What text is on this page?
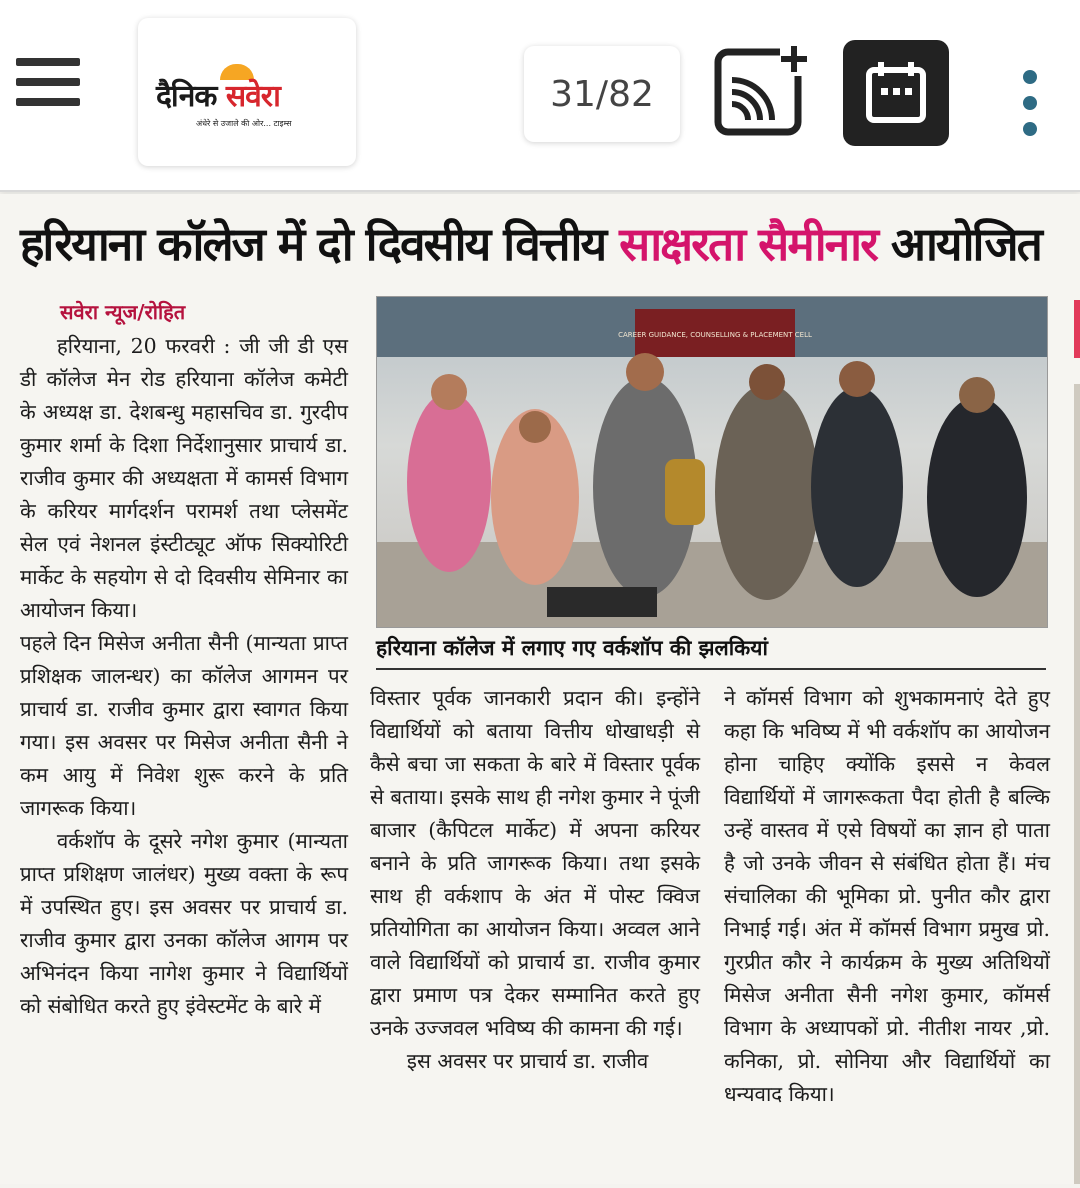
दैनिक सवेरा
अंधेरे से उजाले की ओर... टाइम्स
31/82
हरियाना कॉलेज में दो दिवसीय वित्तीय साक्षरता सैमीनार आयोजित
सवेरा न्यूज/रोहित

हरियाना, 20 फरवरी : जी जी डी एस डी कॉलेज मेन रोड हरियाना कॉलेज कमेटी के अध्यक्ष डा. देशबन्धु महासचिव डा. गुरदीप कुमार शर्मा के दिशा निर्देशानुसार प्राचार्य डा. राजीव कुमार की अध्यक्षता में कामर्स विभाग के करियर मार्गदर्शन परामर्श तथा प्लेसमेंट सेल एवं नेशनल इंस्टीट्यूट ऑफ सिक्योरिटी मार्केट के सहयोग से दो दिवसीय सेमिनार का आयोजन किया।

पहले दिन मिसेज अनीता सैनी (मान्यता प्राप्त प्रशिक्षक जालन्धर) का कॉलेज आगमन पर प्राचार्य डा. राजीव कुमार द्वारा स्वागत किया गया। इस अवसर पर मिसेज अनीता सैनी ने कम आयु में निवेश शुरू करने के प्रति जागरूक किया।

वर्कशॉप के दूसरे नगेश कुमार (मान्यता प्राप्त प्रशिक्षण जालंधर) मुख्य वक्ता के रूप में उपस्थित हुए। इस अवसर पर प्राचार्य डा. राजीव कुमार द्वारा उनका कॉलेज आगम पर अभिनंदन किया नागेश कुमार ने विद्यार्थियों को संबोधित करते हुए इंवेस्टमेंट के बारे में

CAREER GUIDANCE, COUNSELLING & PLACEMENT CELL
हरियाना कॉलेज में लगाए गए वर्कशॉप की झलकियां

विस्तार पूर्वक जानकारी प्रदान की। इन्होंने विद्यार्थियों को बताया वित्तीय धोखाधड़ी से कैसे बचा जा सकता के बारे में विस्तार पूर्वक से बताया। इसके साथ ही नगेश कुमार ने पूंजी बाजार (कैपिटल मार्केट) में अपना करियर बनाने के प्रति जागरूक किया। तथा इसके साथ ही वर्कशाप के अंत में पोस्ट क्विज प्रतियोगिता का आयोजन किया। अव्वल आने वाले विद्यार्थियों को प्राचार्य डा. राजीव कुमार द्वारा प्रमाण पत्र देकर सम्मानित करते हुए उनके उज्जवल भविष्य की कामना की गई।

इस अवसर पर प्राचार्य डा. राजीव

ने कॉमर्स विभाग को शुभकामनाएं देते हुए कहा कि भविष्य में भी वर्कशॉप का आयोजन होना चाहिए क्योंकि इससे न केवल विद्यार्थियों में जागरूकता पैदा होती है बल्कि उन्हें वास्तव में एसे विषयों का ज्ञान हो पाता है जो उनके जीवन से संबंधित होता हैं। मंच संचालिका की भूमिका प्रो. पुनीत कौर द्वारा निभाई गई। अंत में कॉमर्स विभाग प्रमुख प्रो. गुरप्रीत कौर ने कार्यक्रम के मुख्य अतिथियों मिसेज अनीता सैनी नगेश कुमार, कॉमर्स विभाग के अध्यापकों प्रो. नीतीश नायर ,प्रो. कनिका, प्रो. सोनिया और विद्यार्थियों का धन्यवाद किया।
